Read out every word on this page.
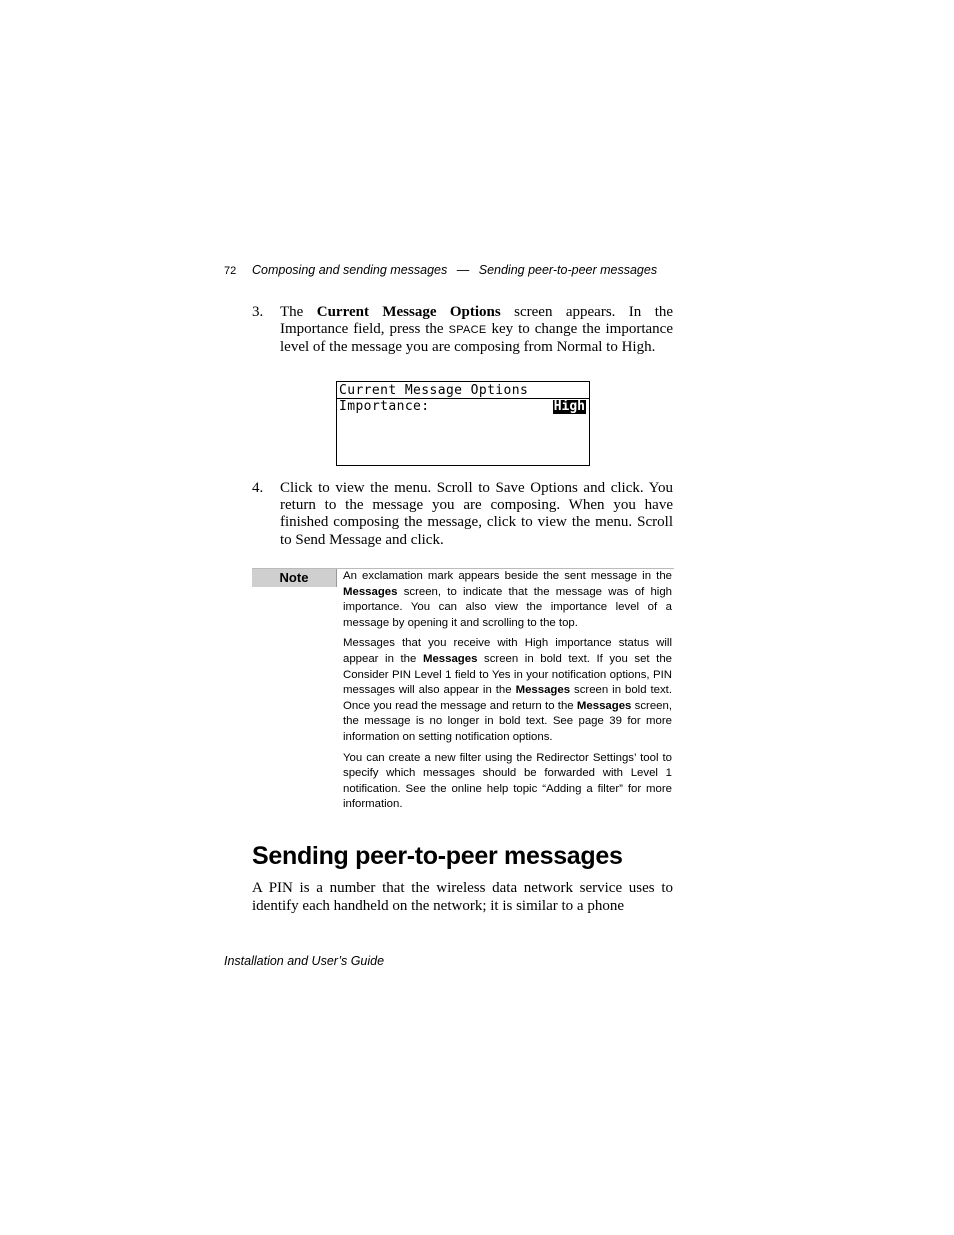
72 Composing and sending messages — Sending peer-to-peer messages
3. The Current Message Options screen appears. In the Importance field, press the SPACE key to change the importance level of the message you are composing from Normal to High.
Current Message Options
Importance:	High
4. Click to view the menu. Scroll to Save Options and click. You return to the message you are composing. When you have finished composing the message, click to view the menu. Scroll to Send Message and click.
Note	An exclamation mark appears beside the sent message in the Messages screen, to indicate that the message was of high importance. You can also view the importance level of a message by opening it and scrolling to the top.

Messages that you receive with High importance status will appear in the Messages screen in bold text. If you set the Consider PIN Level 1 field to Yes in your notification options, PIN messages will also appear in the Messages screen in bold text. Once you read the message and return to the Messages screen, the message is no longer in bold text. See page 39 for more information on setting notification options.

You can create a new filter using the Redirector Settings’ tool to specify which messages should be forwarded with Level 1 notification. See the online help topic “Adding a filter” for more information.

Sending peer-to-peer messages
A PIN is a number that the wireless data network service uses to identify each handheld on the network; it is similar to a phone
Installation and User’s Guide
